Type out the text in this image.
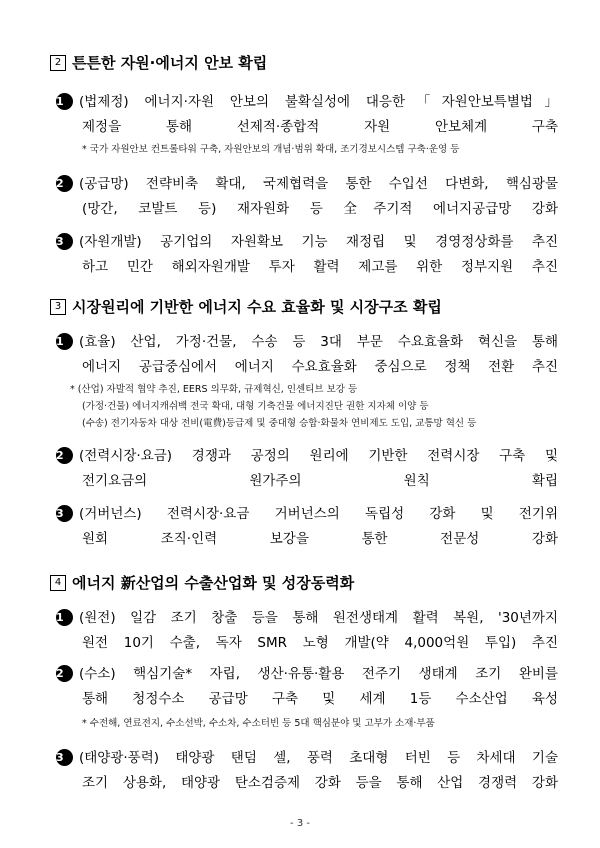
2 튼튼한 자원·에너지 안보 확립
1 (법제정) 에너지·자원 안보의 불확실성에 대응한「자원안보특별법」
제정을 통해 선제적·종합적 자원 안보체계 구축
* 국가 자원안보 컨트롤타워 구축, 자원안보의 개념·범위 확대, 조기경보시스템 구축·운영 등
2 (공급망) 전략비축 확대, 국제협력을 통한 수입선 다변화, 핵심광물
(망간, 코발트 등) 재자원화 등 全주기적 에너지공급망 강화
3 (자원개발) 공기업의 자원확보 기능 재정립 및 경영정상화를 추진
하고 민간 해외자원개발 투자 활력 제고를 위한 정부지원 추진
3 시장원리에 기반한 에너지 수요 효율화 및 시장구조 확립
1 (효율) 산업, 가정·건물, 수송 등 3대 부문 수요효율화 혁신을 통해
에너지 공급중심에서 에너지 수요효율화 중심으로 정책 전환 추진
* (산업) 자발적 협약 추진, EERS 의무화, 규제혁신, 인센티브 보강 등
(가정·건물) 에너지캐쉬백 전국 확대, 대형 기축건물 에너지진단 권한 지자체 이양 등
(수송) 전기자동차 대상 전비(電費)등급제 및 중대형 승합·화물차 연비제도 도입, 교통망 혁신 등
2 (전력시장·요금) 경쟁과 공정의 원리에 기반한 전력시장 구축 및
전기요금의 원가주의 원칙 확립
3 (거버넌스) 전력시장·요금 거버넌스의 독립성 강화 및 전기위
원회 조직·인력 보강을 통한 전문성 강화
4 에너지 新산업의 수출산업화 및 성장동력화
1 (원전) 일감 조기 창출 등을 통해 원전생태계 활력 복원, '30년까지
원전 10기 수출, 독자 SMR 노형 개발(약 4,000억원 투입) 추진
2 (수소) 핵심기술* 자립, 생산·유통·활용 전주기 생태계 조기 완비를
통해 청정수소 공급망 구축 및 세계 1등 수소산업 육성
* 수전해, 연료전지, 수소선박, 수소차, 수소터빈 등 5대 핵심분야 및 고부가 소재·부품
3 (태양광·풍력) 태양광 탠덤 셀, 풍력 초대형 터빈 등 차세대 기술
조기 상용화, 태양광 탄소검증제 강화 등을 통해 산업 경쟁력 강화
- 3 -
